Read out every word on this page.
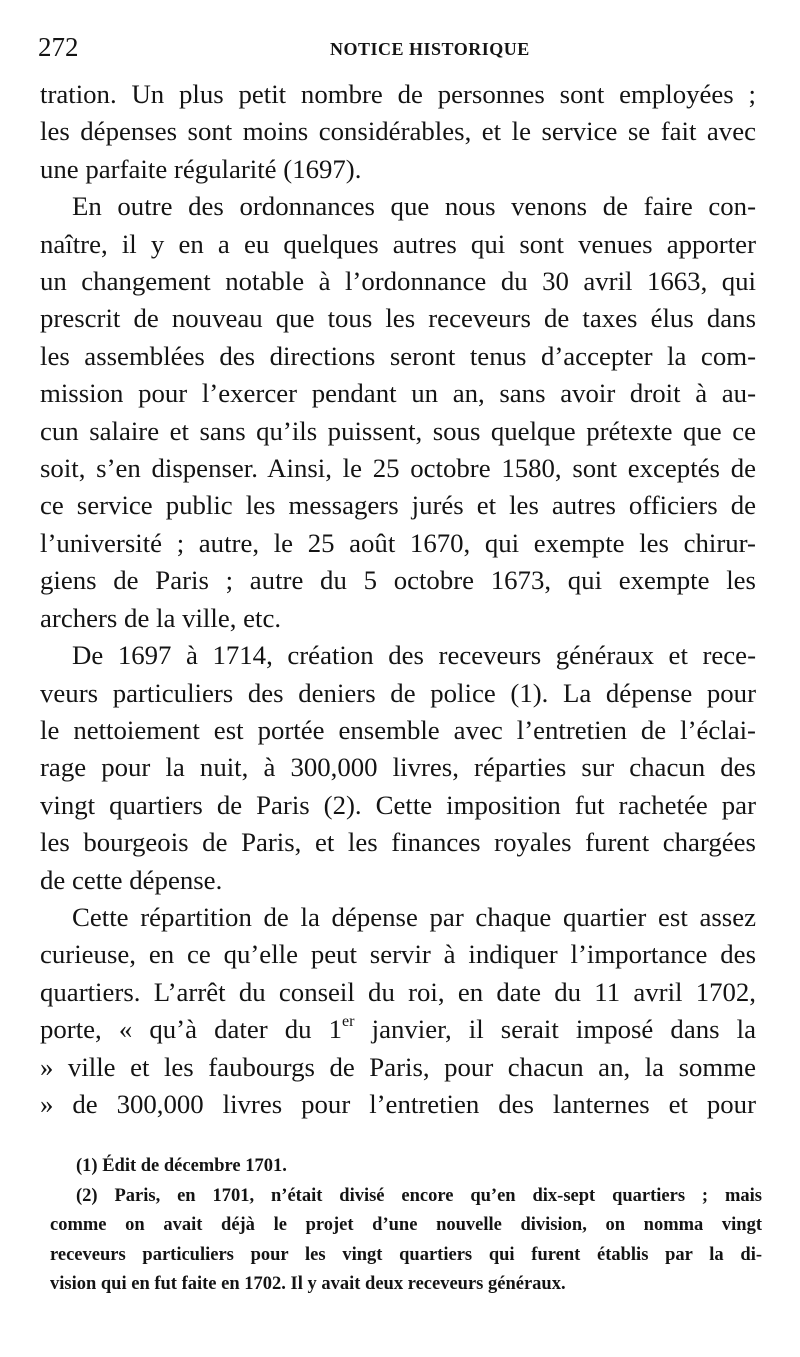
272	NOTICE HISTORIQUE
tration. Un plus petit nombre de personnes sont employées ;
les dépenses sont moins considérables, et le service se fait avec
une parfaite régularité (1697).
En outre des ordonnances que nous venons de faire con-
naître, il y en a eu quelques autres qui sont venues apporter
un changement notable à l’ordonnance du 30 avril 1663, qui
prescrit de nouveau que tous les receveurs de taxes élus dans
les assemblées des directions seront tenus d’accepter la com-
mission pour l’exercer pendant un an, sans avoir droit à au-
cun salaire et sans qu’ils puissent, sous quelque prétexte que ce
soit, s’en dispenser. Ainsi, le 25 octobre 1580, sont exceptés de
ce service public les messagers jurés et les autres officiers de
l’université ; autre, le 25 août 1670, qui exempte les chirur-
giens de Paris ; autre du 5 octobre 1673, qui exempte les
archers de la ville, etc.
De 1697 à 1714, création des receveurs généraux et rece-
veurs particuliers des deniers de police (1). La dépense pour
le nettoiement est portée ensemble avec l’entretien de l’éclai-
rage pour la nuit, à 300,000 livres, réparties sur chacun des
vingt quartiers de Paris (2). Cette imposition fut rachetée par
les bourgeois de Paris, et les finances royales furent chargées
de cette dépense.
Cette répartition de la dépense par chaque quartier est assez
curieuse, en ce qu’elle peut servir à indiquer l’importance des
quartiers. L’arrêt du conseil du roi, en date du 11 avril 1702,
porte, « qu’à dater du 1er janvier, il serait imposé dans la
» ville et les faubourgs de Paris, pour chacun an, la somme
» de 300,000 livres pour l’entretien des lanternes et pour
(1) Édit de décembre 1701.
(2) Paris, en 1701, n’était divisé encore qu’en dix-sept quartiers ; mais
comme on avait déjà le projet d’une nouvelle division, on nomma vingt
receveurs particuliers pour les vingt quartiers qui furent établis par la di-
vision qui en fut faite en 1702. Il y avait deux receveurs généraux.
